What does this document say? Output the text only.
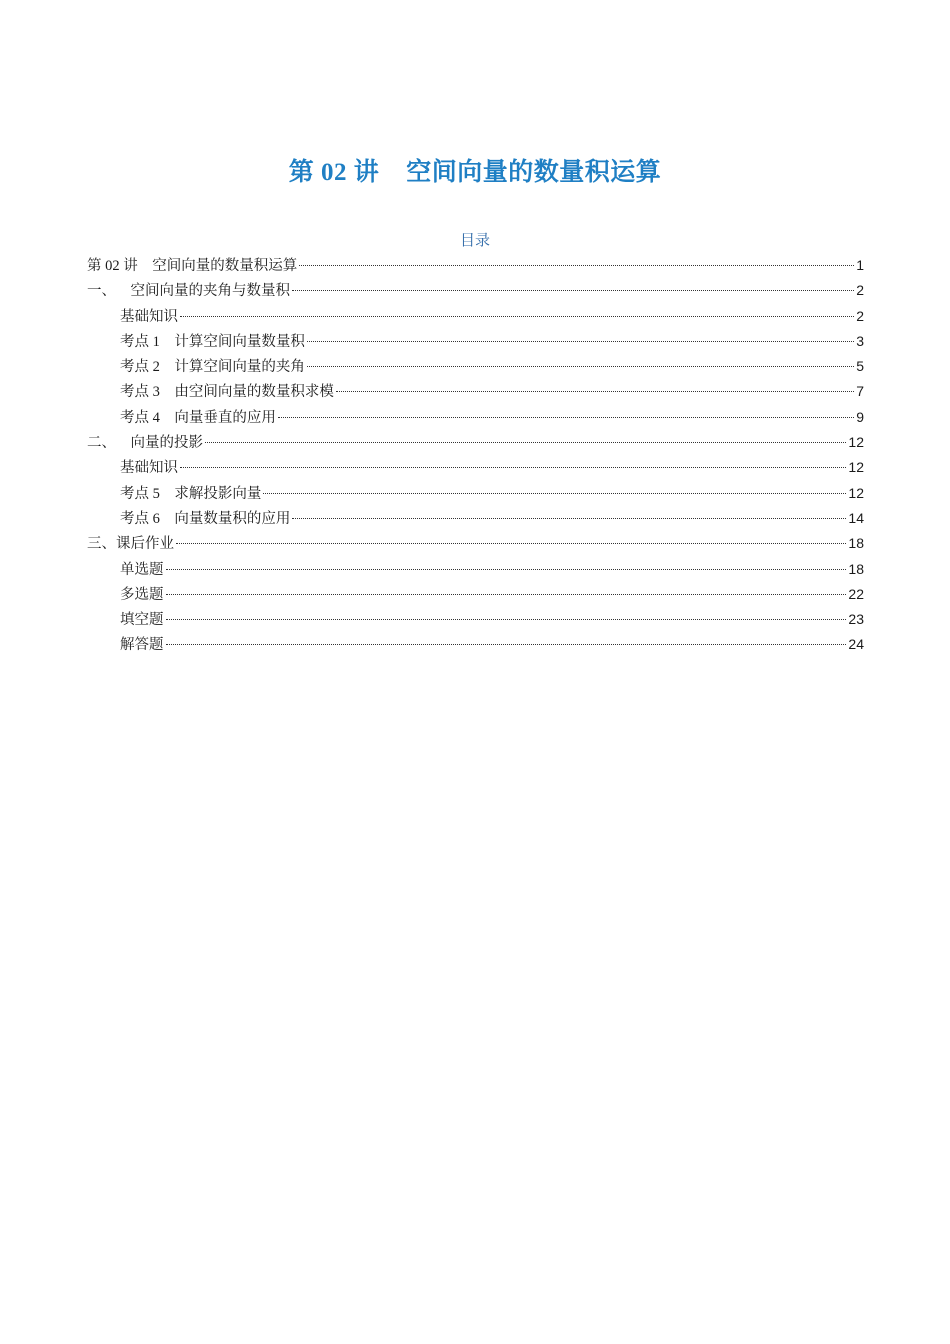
第 02 讲    空间向量的数量积运算
目录
第 02 讲    空间向量的数量积运算	1
一、    空间向量的夹角与数量积	2
基础知识	2
考点 1    计算空间向量数量积	3
考点 2    计算空间向量的夹角	5
考点 3    由空间向量的数量积求模	7
考点 4    向量垂直的应用	9
二、    向量的投影	12
基础知识	12
考点 5    求解投影向量	12
考点 6    向量数量积的应用	14
三、课后作业	18
单选题	18
多选题	22
填空题	23
解答题	24
